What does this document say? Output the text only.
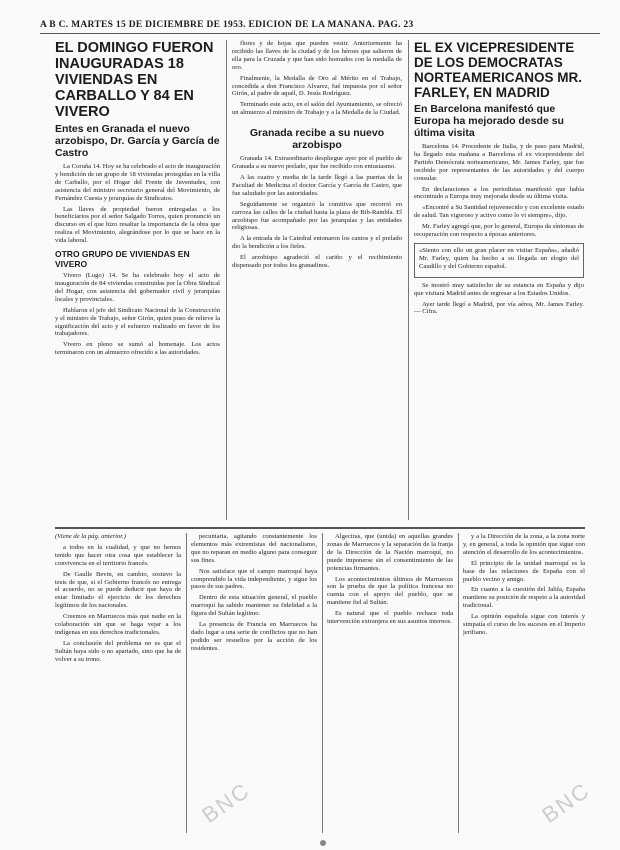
A B C. MARTES 15 DE DICIEMBRE DE 1953. EDICION DE LA MAÑANA. PAG. 23
EL DOMINGO FUERON INAUGURADAS 18 VIVIENDAS EN CARBALLO Y 84 EN VIVERO
Entes en Granada el nuevo arzobispo, Dr. García y García de Castro

La Coruña 14. Hoy se ha celebrado el acto de inauguración y bendición de un grupo de 18 viviendas protegidas en la villa de Carballo, por el Hogar del Frente de Juventudes, con asistencia del ministro secretario general del Movimiento, de Fernández Cuesta y jerarquías de Sindicatos.

Las llaves de propiedad fueron entregadas a los beneficiarios por el señor Salgado Torres, quien pronunció un discurso en el que hizo resaltar la importancia de la obra que realiza el Movimiento, alegrándose por lo que se hace en la vida laboral.

OTRO GRUPO DE VIVIENDAS EN VIVERO

Vivero (Lugo) 14. Se ha celebrado hoy el acto de inauguración de 84 viviendas construidas por la Obra Sindical del Hogar, con asistencia del gobernador civil y jerarquías locales y provinciales.

Hablaron el jefe del Sindicato Nacional de la Construcción y el ministro de Trabajo, señor Girón, quien puso de relieve la significación del acto y el esfuerzo realizado en favor de los trabajadores.

Vivero en pleno se sumó al homenaje. Los actos terminaron con un almuerzo ofrecido a las autoridades.

flores y de hojas que pueden vestir. Anteriormente ha recibido las llaves de la ciudad y de los héroes que salieron de ella para la Cruzada y que han sido honrados con la medalla de oro.

Finalmente, la Medalla de Oro al Mérito en el Trabajo, concedida a don Francisco Alvarez, fué impuesta por el señor Girón, al padre de aquél, D. Jesús Rodríguez.

Terminado este acto, en el salón del Ayuntamiento, se ofreció un almuerzo al ministro de Trabajo y a la Medalla de la Ciudad.

Granada recibe a su nuevo arzobispo

Granada 14. Extraordinario despliegue ayer por el pueblo de Granada a su nuevo prelado, que fue recibido con entusiasmo.

A las cuatro y media de la tarde llegó a las puertas de la Facultad de Medicina el doctor García y García de Castro, que fue saludado por las autoridades.

Seguidamente se organizó la comitiva que recorrió en carroza las calles de la ciudad hasta la plaza de Bib-Rambla. El arzobispo fue acompañado por las jerarquías y las entidades religiosas.

A la entrada de la Catedral entonaron los cantos y el prelado dio la bendición a los fieles.

El arzobispo agradeció el cariño y el recibimiento dispensado por todos los granadinos.

EL EX VICEPRESIDENTE DE LOS DEMOCRATAS NORTEAMERICANOS MR. FARLEY, EN MADRID
En Barcelona manifestó que Europa ha mejorado desde su última visita

Barcelona 14. Procedente de Italia, y de paso para Madrid, ha llegado esta mañana a Barcelona el ex vicepresidente del Partido Demócrata norteamericano, Mr. James Farley, que fue recibido por representantes de las autoridades y del cuerpo consular.

En declaraciones a los periodistas manifestó que había encontrado a Europa muy mejorada desde su última visita.

«Encontré a Su Santidad rejuvenecido y con excelente estado de salud. Tan vigoroso y activo como lo vi siempre», dijo.

Mr. Farley agregó que, por lo general, Europa da síntomas de recuperación con respecto a épocas anteriores.

«Siento con ello un gran placer en visitar España», añadió Mr. Farley, quien ha hecho a su llegada un elogio del Caudillo y del Gobierno español.

Se mostró muy satisfecho de su estancia en España y dijo que visitará Madrid antes de regresar a los Estados Unidos.

Ayer tarde llegó a Madrid, por vía aérea, Mr. James Farley. — Cifra.

(Viene de la pág. anterior.)

a todos en la cualidad, y que no hemos tenido que hacer otra cosa que establecer la convivencia en el territorio francés.

De Gaulle Bevin, en cambio, sostuvo la tesis de que, si el Gobierno francés no entrega el acuerdo, no se puede deducir que haya de estar limitado el ejercicio de los derechos legítimos de los nacionales.

Creemos en Marruecos más que nadie en la colaboración sin que se haga vejar a los indígenas en sus derechos tradicionales.

La conclusión del problema no es que el Sultán haya sido o no apartado, sino que ha de volver a su trono.

pecuniaria, agitando constantemente los elementos más extremistas del nacionalismo, que no reparan en medio alguno para conseguir sus fines.

Nos satisface que el campo marroquí haya comprendido la vida independiente, y sigue los pasos de sus padres.

Dentro de esta situación general, el pueblo marroquí ha sabido mantener su fidelidad a la figura del Sultán legítimo.

La presencia de Francia en Marruecos ha dado lugar a una serie de conflictos que no han podido ser resueltos por la acción de los residentes.

Algeciras, que (unida) en aquellas grandes zonas de Marruecos y la separación de la franja de la Dirección de la Nación marroquí, no puede imponerse sin el consentimiento de las potencias firmantes.

Los acontecimientos últimos de Marruecos son la prueba de que la política francesa no cuenta con el apoyo del pueblo, que se mantiene fiel al Sultán.

Es natural que el pueblo rechace toda intervención extranjera en sus asuntos internos.

y a la Dirección de la zona, a la zona norte y, en general, a toda la opinión que sigue con atención el desarrollo de los acontecimientos.

El principio de la unidad marroquí es la base de las relaciones de España con el pueblo vecino y amigo.

En cuanto a la cuestión del Jalifa, España mantiene su posición de respeto a la autoridad tradicional.

La opinión española sigue con interés y simpatía el curso de los sucesos en el Imperio jerifiano.

BNC	BNC
